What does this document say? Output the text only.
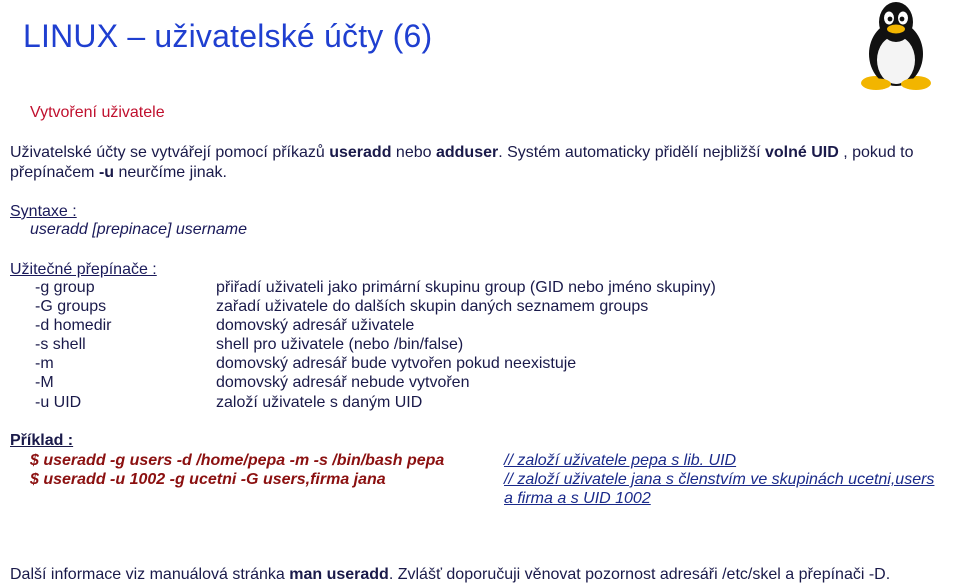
LINUX – uživatelské účty (6)
Vytvoření uživatele
Uživatelské účty se vytvářejí pomocí příkazů useradd nebo adduser. Systém automaticky přidělí nejbližší volné UID , pokud to
přepínačem -u neurčíme jinak.
Syntaxe :
useradd [prepinace] username
Užitečné přepínače :
-g group	přiřadí uživateli jako primární skupinu group (GID nebo jméno skupiny)
-G groups	zařadí uživatele do dalších skupin daných seznamem groups
-d homedir	domovský adresář uživatele
-s shell	shell pro uživatele (nebo /bin/false)
-m	domovský adresář bude vytvořen pokud neexistuje
-M	domovský adresář nebude vytvořen
-u UID	založí uživatele s daným UID
Příklad :
$ useradd -g users -d /home/pepa -m -s /bin/bash pepa	// založí uživatele pepa s lib. UID
$ useradd -u 1002 -g ucetni -G users,firma jana	// založí uživatele jana s členstvím ve skupinách ucetni,users
a firma a s UID 1002
Další informace viz manuálová stránka man useradd. Zvlášť doporučuji věnovat pozornost adresáři /etc/skel a přepínači -D.
